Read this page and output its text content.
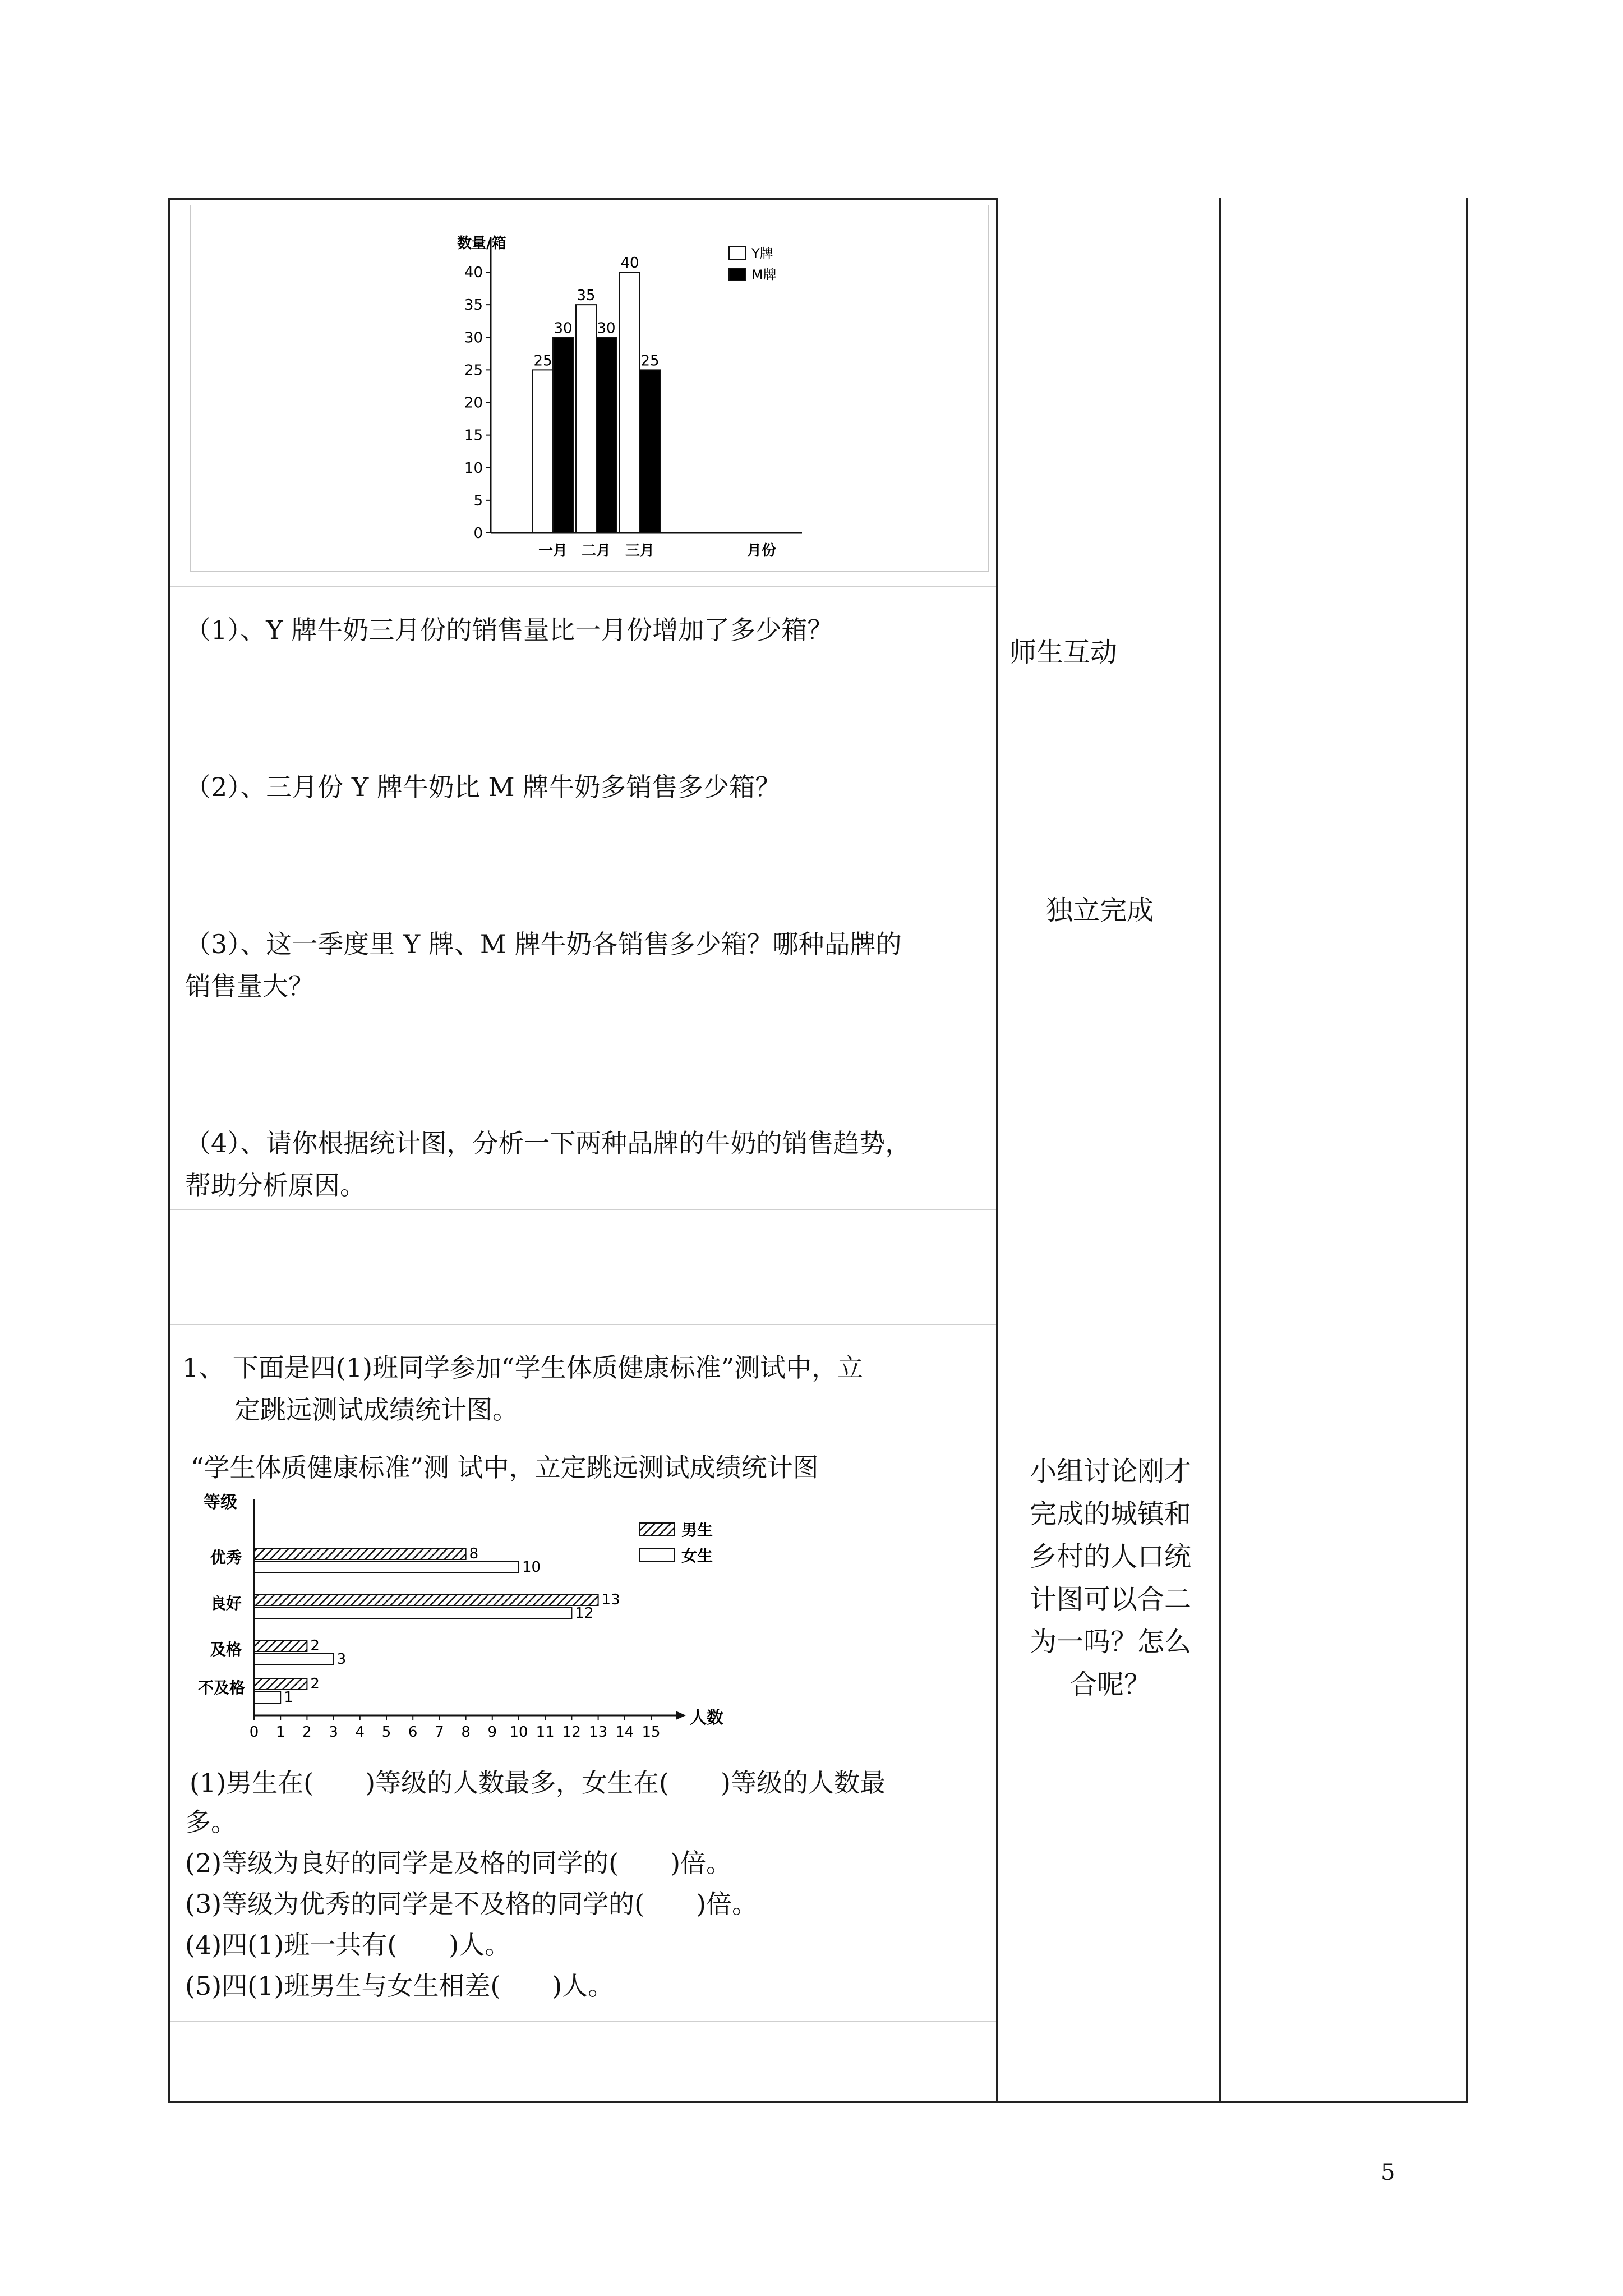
数量/箱
月份
0
5
10
15
20
25
30
35
40
一月
25
30
二月
35
30
三月
40
25
Y牌
M牌
（1）、Y 牌牛奶三月份的销售量比一月份增加了多少箱？
（2）、三月份 Y 牌牛奶比 M 牌牛奶多销售多少箱？
（3）、这一季度里 Y 牌、M 牌牛奶各销售多少箱？哪种品牌的
销售量大？
（4）、请你根据统计图，分析一下两种品牌的牛奶的销售趋势，
帮助分析原因。
师生互动
独立完成
1、 下面是四(1)班同学参加“学生体质健康标准”测试中，立
定跳远测试成绩统计图。
“学生体质健康标准”测 试中，立定跳远测试成绩统计图
等级
人数
0 1 2 3 4 5 6 7 8 9 10 11 12 13 14 15
优秀	8
10
良好	13
12
及格	2
3
不及格	2
1
男生
女生
(1)男生在(　　)等级的人数最多，女生在(　　)等级的人数最
多。
(2)等级为良好的同学是及格的同学的(　　)倍。
(3)等级为优秀的同学是不及格的同学的(　　)倍。
(4)四(1)班一共有(　　)人。
(5)四(1)班男生与女生相差(　　)人。
小组讨论刚才
完成的城镇和
乡村的人口统
计图可以合二
为一吗？怎么
合呢？
5
